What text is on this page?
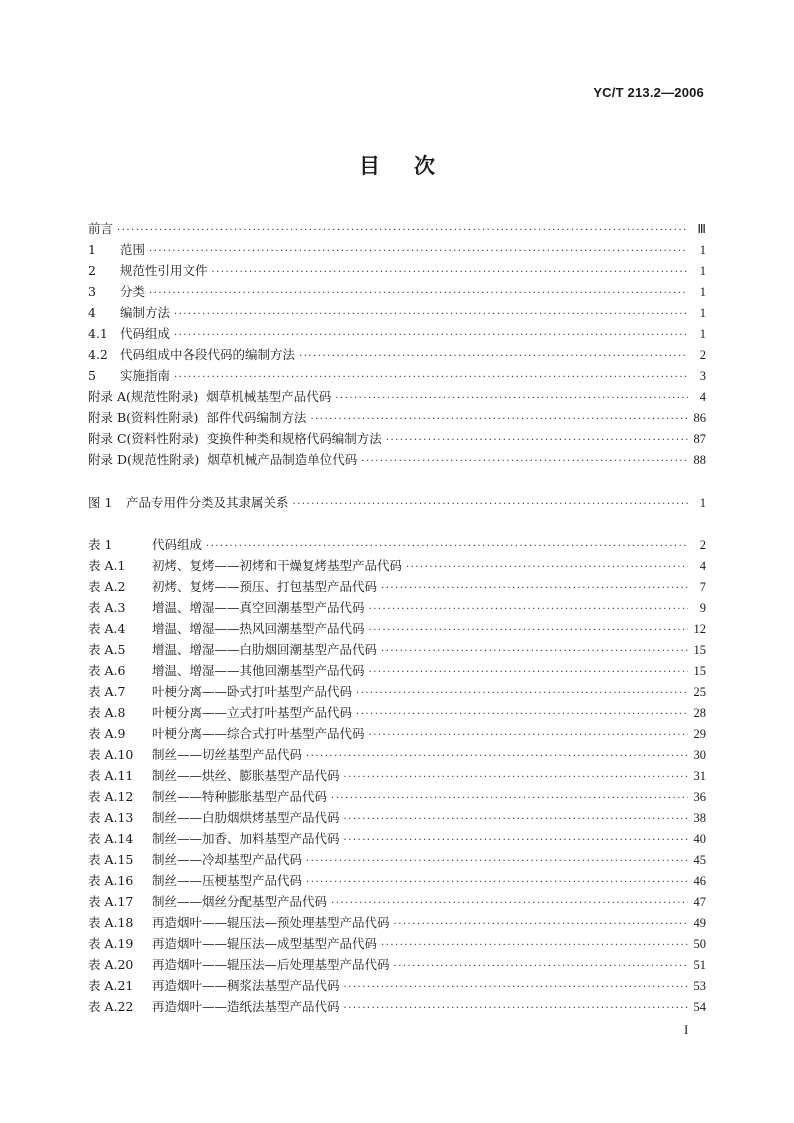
YC/T 213.2—2006
目次
前言 ·····	Ⅲ
1	范围 ·····	1
2	规范性引用文件 ·····	1
3	分类 ·····	1
4	编制方法 ·····	1
4.1 代码组成 ·····	1
4.2 代码组成中各段代码的编制方法 ·····	2
5	实施指南 ·····	3
附录 A(规范性附录) 烟草机械基型产品代码 ·····	4
附录 B(资料性附录) 部件代码编制方法 ·····	86
附录 C(资料性附录) 变换件种类和规格代码编制方法 ·····	87
附录 D(规范性附录) 烟草机械产品制造单位代码 ·····	88
图 1	产品专用件分类及其隶属关系 ·····	1
表 1	代码组成 ·····	2
表 A.1	初烤、复烤——初烤和干燥复烤基型产品代码 ·····	4
表 A.2	初烤、复烤——预压、打包基型产品代码 ·····	7
表 A.3	增温、增湿——真空回潮基型产品代码 ·····	9
表 A.4	增温、增湿——热风回潮基型产品代码 ·····	12
表 A.5	增温、增湿——白肋烟回潮基型产品代码 ·····	15
表 A.6	增温、增湿——其他回潮基型产品代码 ·····	15
表 A.7	叶梗分离——卧式打叶基型产品代码 ·····	25
表 A.8	叶梗分离——立式打叶基型产品代码 ·····	28
表 A.9	叶梗分离——综合式打叶基型产品代码 ·····	29
表 A.10	制丝——切丝基型产品代码 ·····	30
表 A.11	制丝——烘丝、膨胀基型产品代码 ·····	31
表 A.12	制丝——特种膨胀基型产品代码 ·····	36
表 A.13	制丝——白肋烟烘烤基型产品代码 ·····	38
表 A.14	制丝——加香、加料基型产品代码 ·····	40
表 A.15	制丝——冷却基型产品代码 ·····	45
表 A.16	制丝——压梗基型产品代码 ·····	46
表 A.17	制丝——烟丝分配基型产品代码 ·····	47
表 A.18	再造烟叶——辊压法—预处理基型产品代码 ·····	49
表 A.19	再造烟叶——辊压法—成型基型产品代码 ·····	50
表 A.20	再造烟叶——辊压法—后处理基型产品代码 ·····	51
表 A.21	再造烟叶——稠浆法基型产品代码 ·····	53
表 A.22	再造烟叶——造纸法基型产品代码 ·····	54
I
